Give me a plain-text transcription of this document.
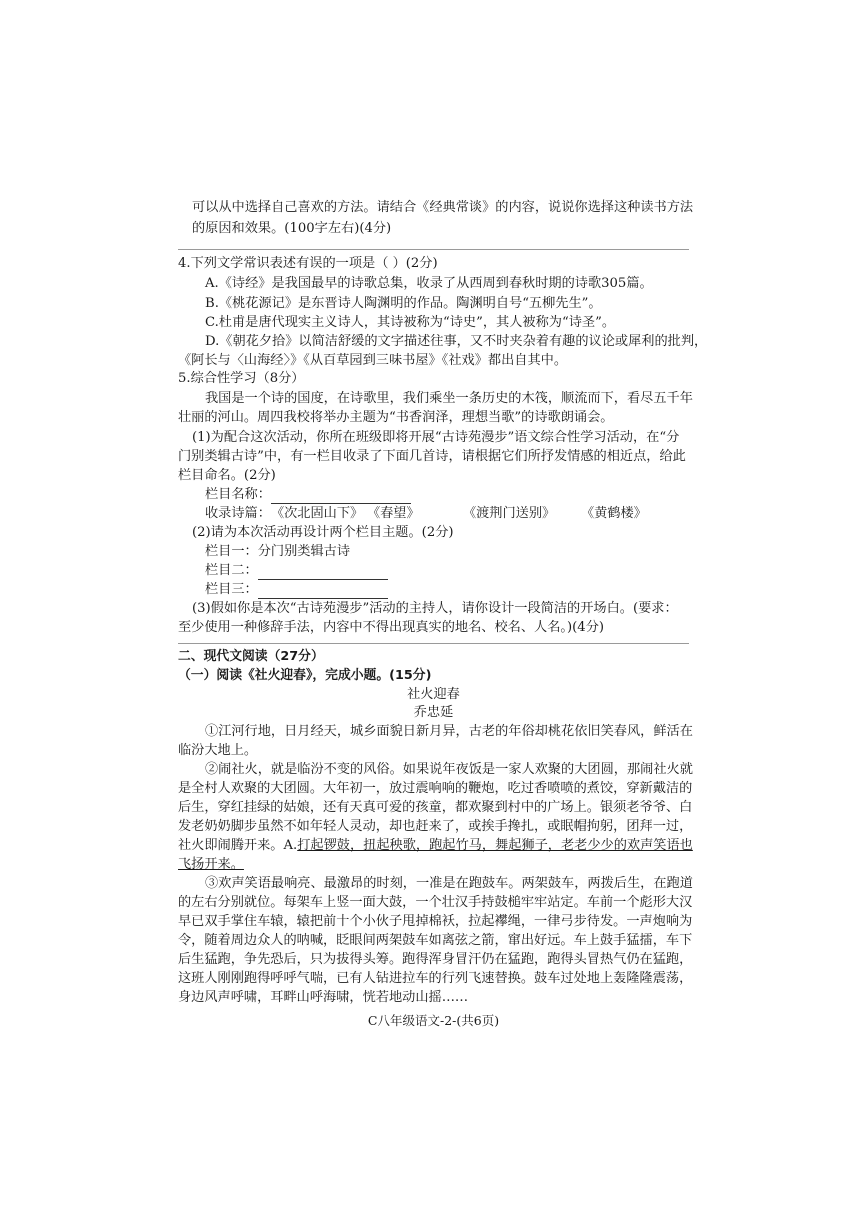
可以从中选择自己喜欢的方法。请结合《经典常谈》的内容，说说你选择这种读书方法
的原因和效果。(100字左右)(4分)
4.下列文学常识表述有误的一项是（ ）(2分)
A.《诗经》是我国最早的诗歌总集，收录了从西周到春秋时期的诗歌305篇。
B.《桃花源记》是东晋诗人陶渊明的作品。陶渊明自号“五柳先生”。
C.杜甫是唐代现实主义诗人，其诗被称为“诗史”，其人被称为“诗圣”。
D.《朝花夕拾》以简洁舒缓的文字描述往事，又不时夹杂着有趣的议论或犀利的批判，
《阿长与〈山海经〉》《从百草园到三味书屋》《社戏》都出自其中。
5.综合性学习（8分）
我国是一个诗的国度，在诗歌里，我们乘坐一条历史的木筏，顺流而下，看尽五千年
壮丽的河山。周四我校将举办主题为“书香润泽，理想当歌”的诗歌朗诵会。
(1)为配合这次活动，你所在班级即将开展“古诗苑漫步”语文综合性学习活动，在“分
门别类辑古诗”中，有一栏目收录了下面几首诗，请根据它们所抒发情感的相近点，给此
栏目命名。(2分)
栏目名称：
收录诗篇：《次北固山下》 《春望》	《渡荆门送别》 《黄鹤楼》
(2)请为本次活动再设计两个栏目主题。(2分)
栏目一：分门别类辑古诗
栏目二：
栏目三：
(3)假如你是本次“古诗苑漫步”活动的主持人，请你设计一段简洁的开场白。(要求：
至少使用一种修辞手法，内容中不得出现真实的地名、校名、人名。)(4分)
二、现代文阅读（27分）
（一）阅读《社火迎春》，完成小题。(15分)
社火迎春
乔忠延
①江河行地，日月经天，城乡面貌日新月异，古老的年俗却桃花依旧笑春风，鲜活在
临汾大地上。
②闹社火，就是临汾不变的风俗。如果说年夜饭是一家人欢聚的大团圆，那闹社火就
是全村人欢聚的大团圆。大年初一，放过震响响的鞭炮，吃过香喷喷的煮饺，穿新戴洁的
后生，穿红挂绿的姑娘，还有天真可爱的孩童，都欢聚到村中的广场上。银须老爷爷、白
发老奶奶脚步虽然不如年轻人灵动，却也赶来了，或挨手搀扎，或眠帽拘躬，团拜一过，
社火即闹腾开来。A.打起锣鼓，扭起秧歌，跑起竹马，舞起狮子，老老少少的欢声笑语也
飞扬开来。
③欢声笑语最响亮、最激昂的时刻，一准是在跑鼓车。两架鼓车，两拨后生，在跑道
的左右分别就位。每架车上竖一面大鼓，一个壮汉手持鼓槌牢牢站定。车前一个彪形大汉
早已双手掌住车辕，辕把前十个小伙子甩掉棉袄，拉起襻绳，一律弓步待发。一声炮响为
令，随着周边众人的呐喊，眨眼间两架鼓车如离弦之箭，窜出好远。车上鼓手猛擂，车下
后生猛跑，争先恐后，只为拔得头筹。跑得浑身冒汗仍在猛跑，跑得头冒热气仍在猛跑，
这班人刚刚跑得呼呼气喘，已有人钻进拉车的行列飞速替换。鼓车过处地上轰隆隆震荡，
身边风声呼啸，耳畔山呼海啸，恍若地动山摇……
C八年级语文-2-(共6页)
